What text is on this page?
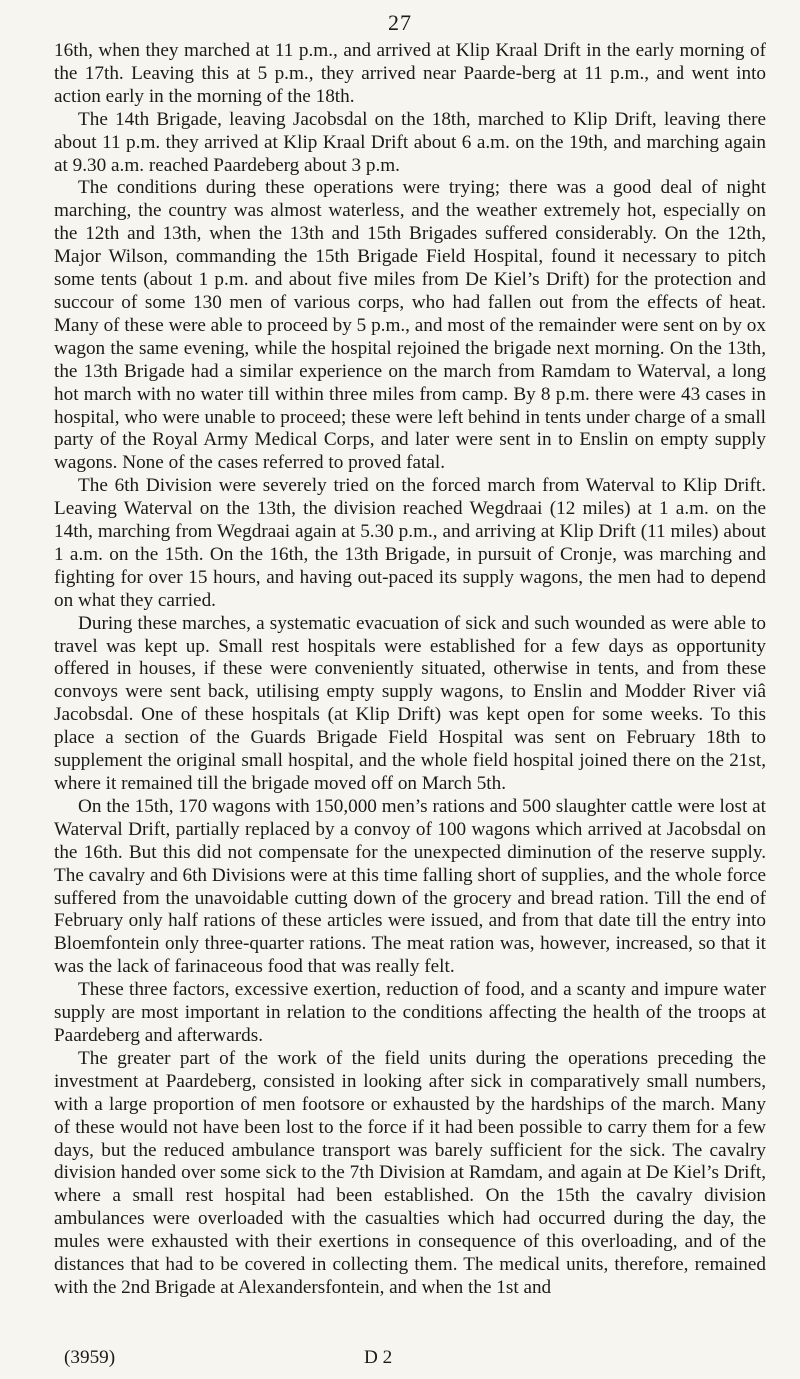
27

16th, when they marched at 11 p.m., and arrived at Klip Kraal Drift in the early morning of the 17th. Leaving this at 5 p.m., they arrived near Paarde-berg at 11 p.m., and went into action early in the morning of the 18th.

The 14th Brigade, leaving Jacobsdal on the 18th, marched to Klip Drift, leaving there about 11 p.m. they arrived at Klip Kraal Drift about 6 a.m. on the 19th, and marching again at 9.30 a.m. reached Paardeberg about 3 p.m.

The conditions during these operations were trying; there was a good deal of night marching, the country was almost waterless, and the weather extremely hot, especially on the 12th and 13th, when the 13th and 15th Brigades suffered considerably. On the 12th, Major Wilson, commanding the 15th Brigade Field Hospital, found it necessary to pitch some tents (about 1 p.m. and about five miles from De Kiel’s Drift) for the protection and succour of some 130 men of various corps, who had fallen out from the effects of heat. Many of these were able to proceed by 5 p.m., and most of the remainder were sent on by ox wagon the same evening, while the hospital rejoined the brigade next morning. On the 13th, the 13th Brigade had a similar experience on the march from Ramdam to Waterval, a long hot march with no water till within three miles from camp. By 8 p.m. there were 43 cases in hospital, who were unable to proceed; these were left behind in tents under charge of a small party of the Royal Army Medical Corps, and later were sent in to Enslin on empty supply wagons. None of the cases referred to proved fatal.

The 6th Division were severely tried on the forced march from Waterval to Klip Drift. Leaving Waterval on the 13th, the division reached Wegdraai (12 miles) at 1 a.m. on the 14th, marching from Wegdraai again at 5.30 p.m., and arriving at Klip Drift (11 miles) about 1 a.m. on the 15th. On the 16th, the 13th Brigade, in pursuit of Cronje, was marching and fighting for over 15 hours, and having out-paced its supply wagons, the men had to depend on what they carried.

During these marches, a systematic evacuation of sick and such wounded as were able to travel was kept up. Small rest hospitals were established for a few days as opportunity offered in houses, if these were conveniently situated, otherwise in tents, and from these convoys were sent back, utilising empty supply wagons, to Enslin and Modder River viâ Jacobsdal. One of these hospitals (at Klip Drift) was kept open for some weeks. To this place a section of the Guards Brigade Field Hospital was sent on February 18th to supplement the original small hospital, and the whole field hospital joined there on the 21st, where it remained till the brigade moved off on March 5th.

On the 15th, 170 wagons with 150,000 men’s rations and 500 slaughter cattle were lost at Waterval Drift, partially replaced by a convoy of 100 wagons which arrived at Jacobsdal on the 16th. But this did not compensate for the unexpected diminution of the reserve supply. The cavalry and 6th Divisions were at this time falling short of supplies, and the whole force suffered from the unavoidable cutting down of the grocery and bread ration. Till the end of February only half rations of these articles were issued, and from that date till the entry into Bloemfontein only three-quarter rations. The meat ration was, however, increased, so that it was the lack of farinaceous food that was really felt.

These three factors, excessive exertion, reduction of food, and a scanty and impure water supply are most important in relation to the conditions affecting the health of the troops at Paardeberg and afterwards.

The greater part of the work of the field units during the operations preceding the investment at Paardeberg, consisted in looking after sick in comparatively small numbers, with a large proportion of men footsore or exhausted by the hardships of the march. Many of these would not have been lost to the force if it had been possible to carry them for a few days, but the reduced ambulance transport was barely sufficient for the sick. The cavalry division handed over some sick to the 7th Division at Ramdam, and again at De Kiel’s Drift, where a small rest hospital had been established. On the 15th the cavalry division ambulances were overloaded with the casualties which had occurred during the day, the mules were exhausted with their exertions in consequence of this overloading, and of the distances that had to be covered in collecting them. The medical units, therefore, remained with the 2nd Brigade at Alexandersfontein, and when the 1st and

(3959)	D 2
